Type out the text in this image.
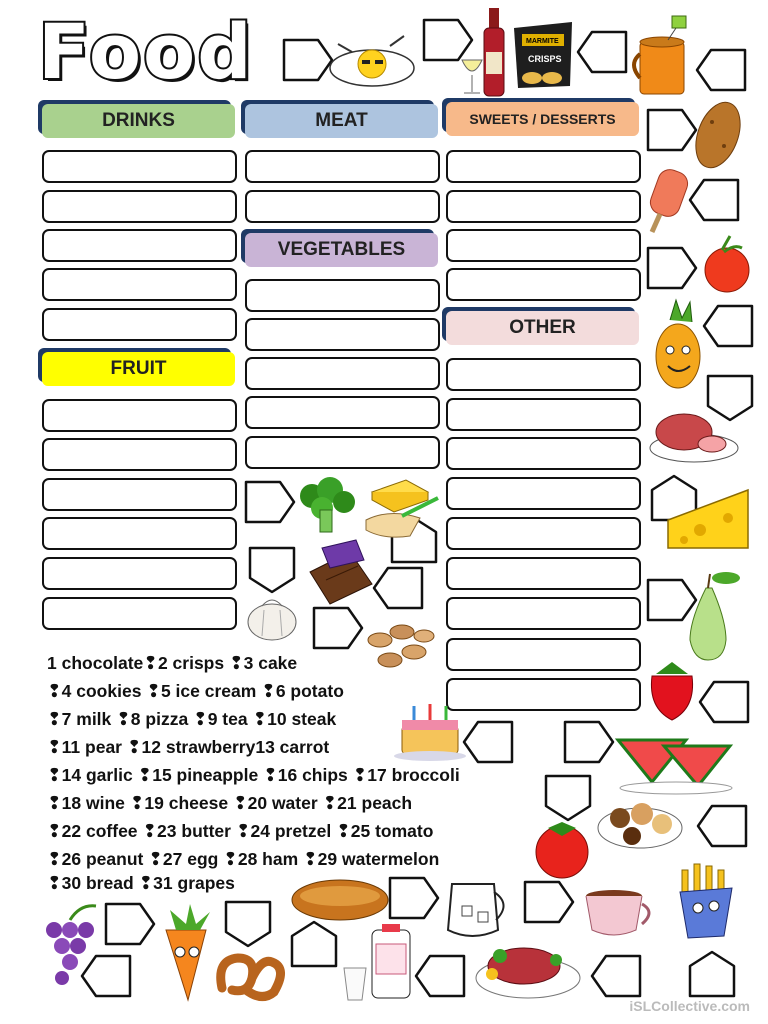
Food
DRINKS	MEAT	SWEETS / DESSERTS
VEGETABLES
FRUIT
OTHER
1 chocolate❢2 crisps ❢3 cake
❢4 cookies ❢5 ice cream ❢6 potato
❢7 milk ❢8 pizza ❢9 tea ❢10 steak
❢11 pear ❢12 strawberry13 carrot
❢14 garlic ❢15 pineapple ❢16 chips ❢17 broccoli
❢18 wine ❢19 cheese ❢20 water ❢21 peach
❢22 coffee ❢23 butter ❢24 pretzel ❢25 tomato
❢26 peanut ❢27 egg ❢28 ham ❢29 watermelon
❢30 bread ❢31 grapes
MARMITE
CRISPS
iSLCollective.com
